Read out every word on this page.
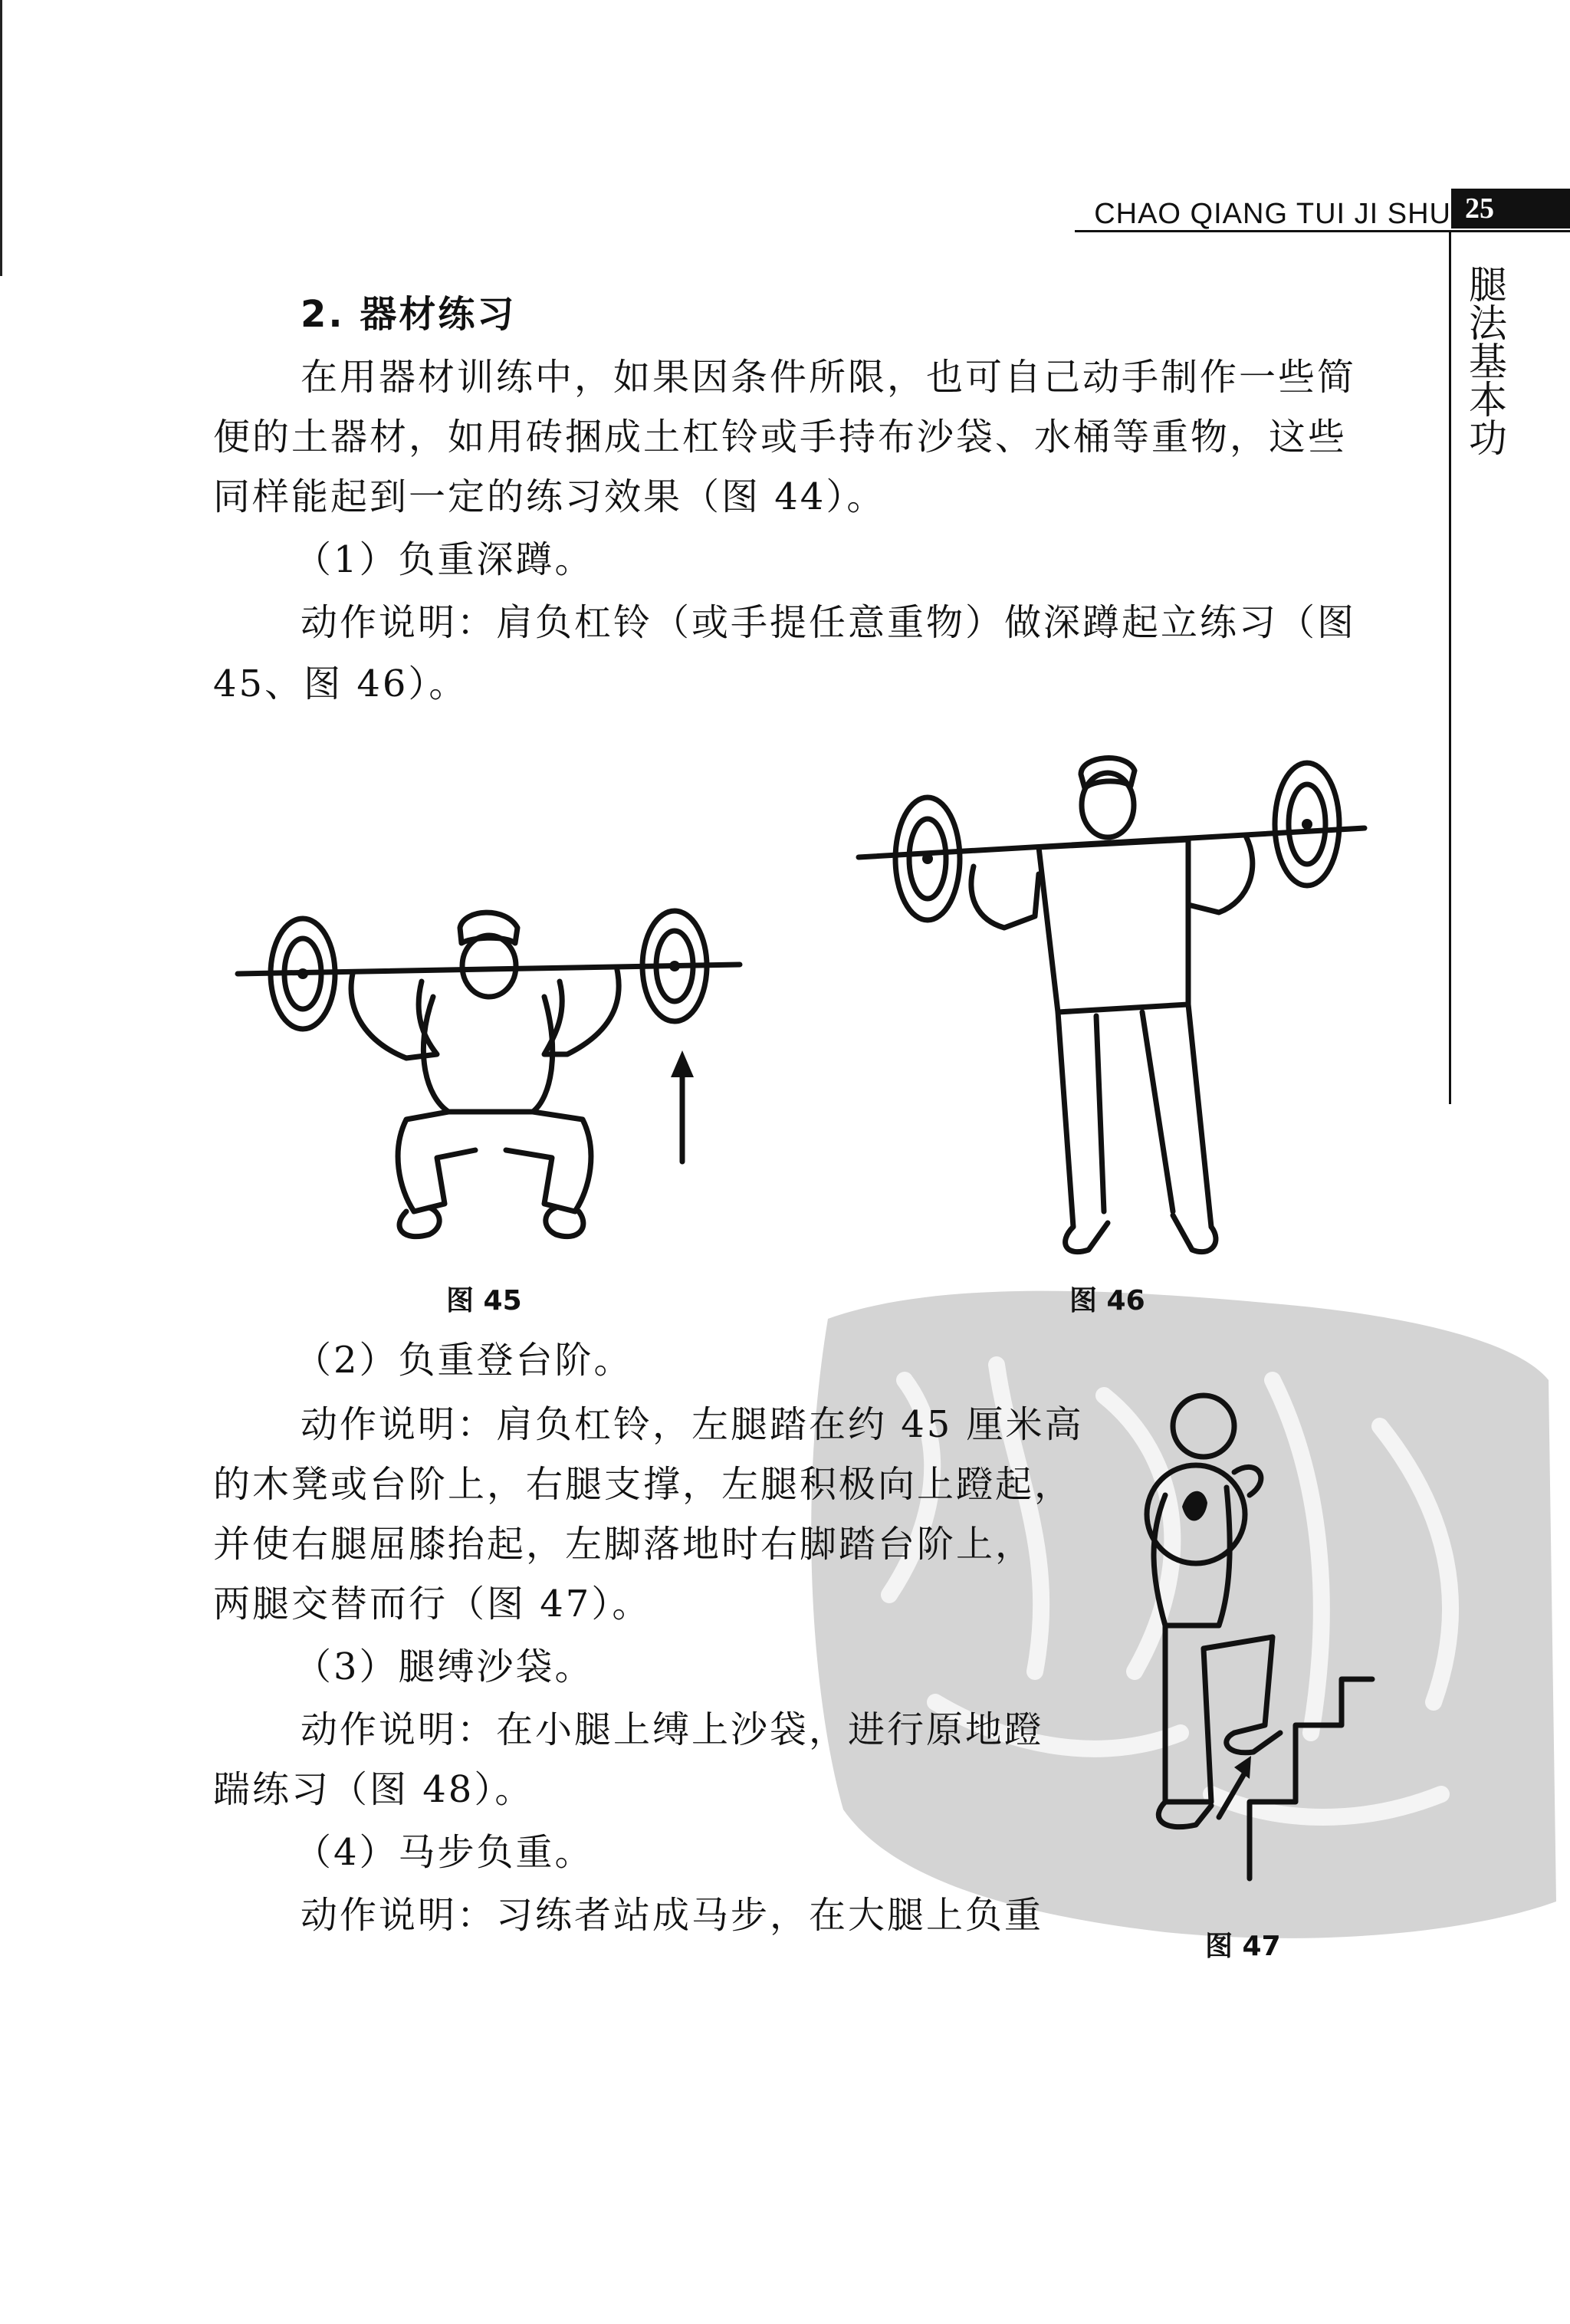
CHAO QIANG TUI JI SHU 25
腿法基本功
2. 器材练习
在用器材训练中，如果因条件所限，也可自己动手制作一些简
便的土器材，如用砖捆成土杠铃或手持布沙袋、水桶等重物，这些
同样能起到一定的练习效果（图 44）。
（1）负重深蹲。
动作说明：肩负杠铃（或手提任意重物）做深蹲起立练习（图
45、图 46）。
图 45	图 46
（2）负重登台阶。
动作说明：肩负杠铃，左腿踏在约 45 厘米高
的木凳或台阶上，右腿支撑，左腿积极向上蹬起，
并使右腿屈膝抬起，左脚落地时右脚踏台阶上，
两腿交替而行（图 47）。
（3）腿缚沙袋。
动作说明：在小腿上缚上沙袋，进行原地蹬
踹练习（图 48）。
（4）马步负重。
动作说明：习练者站成马步，在大腿上负重
图 47
